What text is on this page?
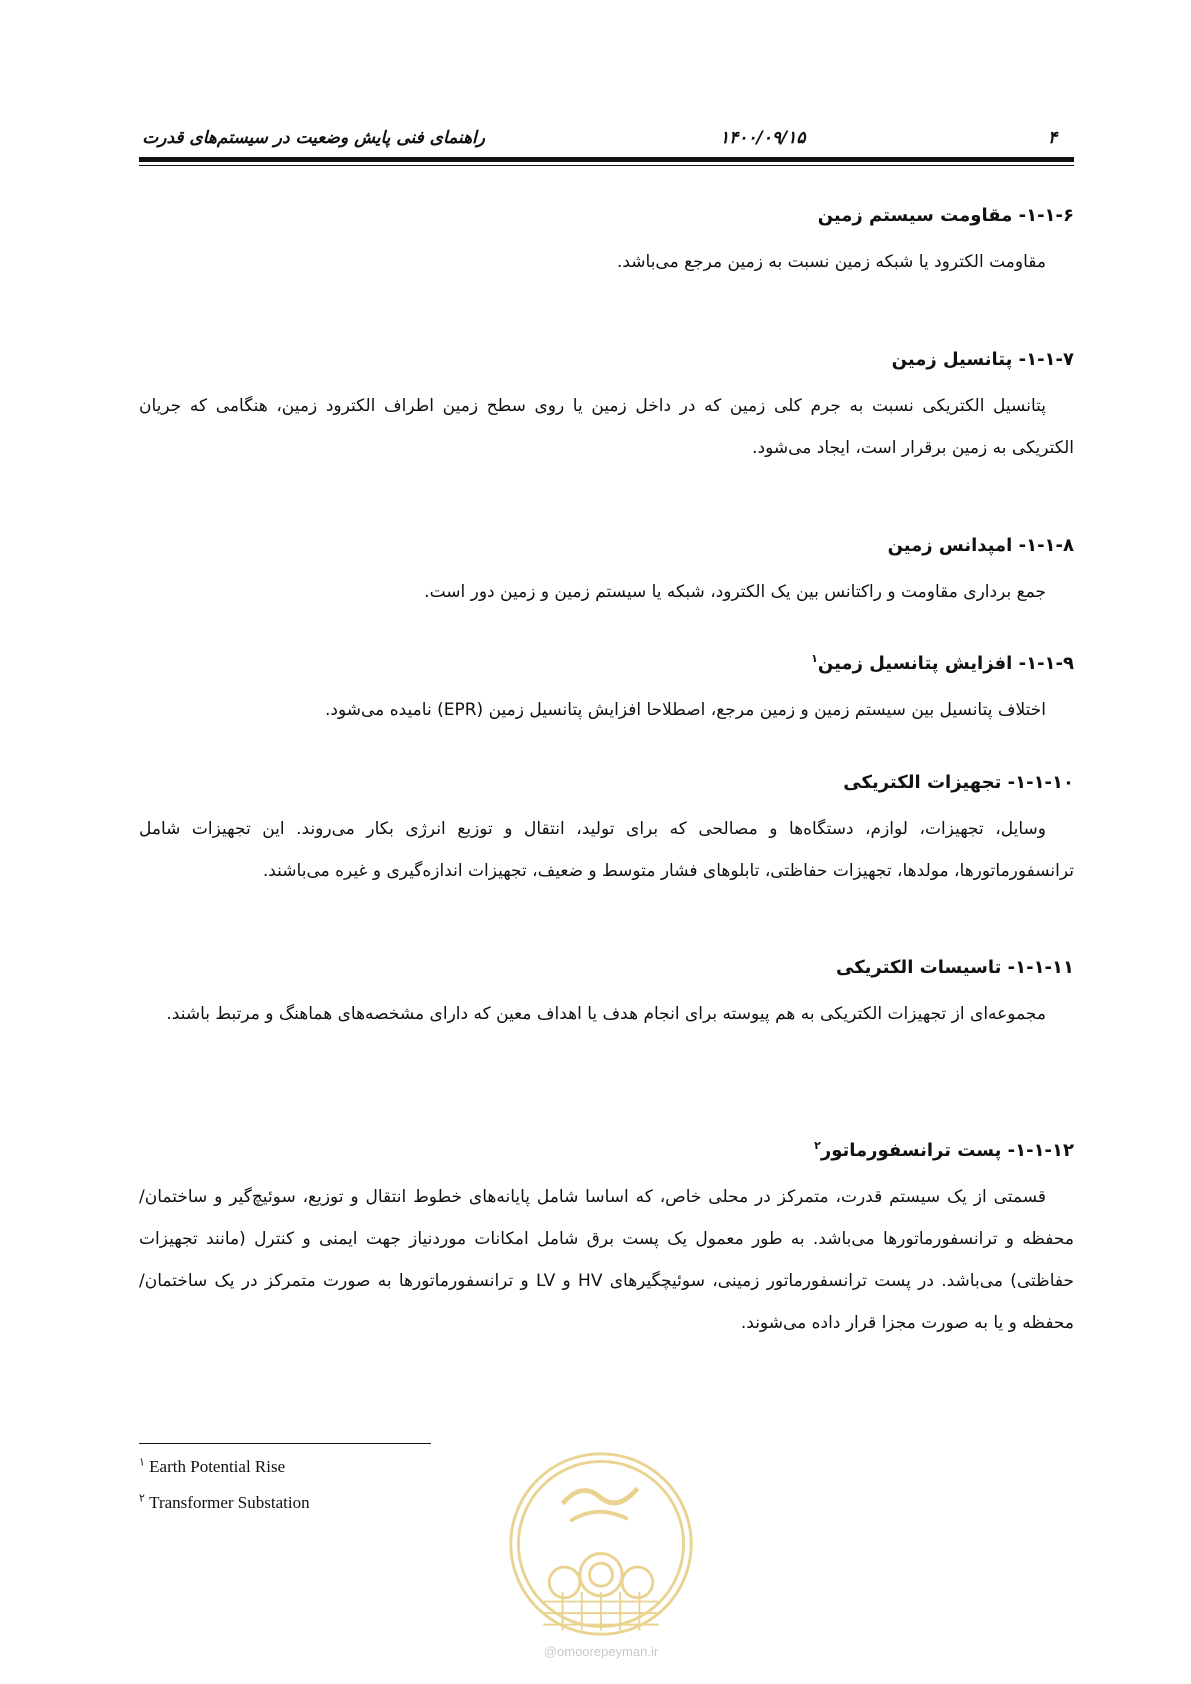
راهنمای فنی پایش وضعیت در سیستم‌های قدرت	۱۴۰۰/۰۹/۱۵	۴
۱-۱-۶- مقاومت سیستم زمین
مقاومت الکترود یا شبکه زمین نسبت به زمین مرجع می‌باشد.
۱-۱-۷- پتانسیل زمین
پتانسیل الکتریکی نسبت به جرم کلی زمین که در داخل زمین یا روی سطح زمین اطراف الکترود زمین، هنگامی که جریان الکتریکی به زمین برقرار است، ایجاد می‌شود.
۱-۱-۸- امپدانس زمین
جمع برداری مقاومت و راکتانس بین یک الکترود، شبکه یا سیستم زمین و زمین دور است.
۱-۱-۹- افزایش پتانسیل زمین$^۱$
اختلاف پتانسیل بین سیستم زمین و زمین مرجع، اصطلاحا افزایش پتانسیل زمین (EPR) نامیده می‌شود.
۱-۱-۱۰- تجهیزات الکتریکی
وسایل، تجهیزات، لوازم، دستگاه‌ها و مصالحی که برای تولید، انتقال و توزیع انرژی بکار می‌روند. این تجهیزات شامل ترانسفورماتورها، مولدها، تجهیزات حفاظتی، تابلوهای فشار متوسط و ضعیف، تجهیزات اندازه‌گیری و غیره می‌باشند.
۱-۱-۱۱- تاسیسات الکتریکی
مجموعه‌ای از تجهیزات الکتریکی به هم پیوسته برای انجام هدف یا اهداف معین که دارای مشخصه‌های هماهنگ و مرتبط باشند.
۱-۱-۱۲- پست ترانسفورماتور$^۲$
قسمتی از یک سیستم قدرت، متمرکز در محلی خاص، که اساسا شامل پایانه‌های خطوط انتقال و توزیع، سوئیچ‌گیر و ساختمان/محفظه و ترانسفورماتورها می‌باشد. به طور معمول یک پست برق شامل امکانات موردنیاز جهت ایمنی و کنترل (مانند تجهیزات حفاظتی) می‌باشد. در پست ترانسفورماتور زمینی، سوئیچگیرهای HV و LV و ترانسفورماتورها به صورت متمرکز در یک ساختمان/ محفظه و یا به صورت مجزا قرار داده می‌شوند.
$^۱$ Earth Potential Rise
$^۲$ Transformer Substation
@omoorepeyman.ir
